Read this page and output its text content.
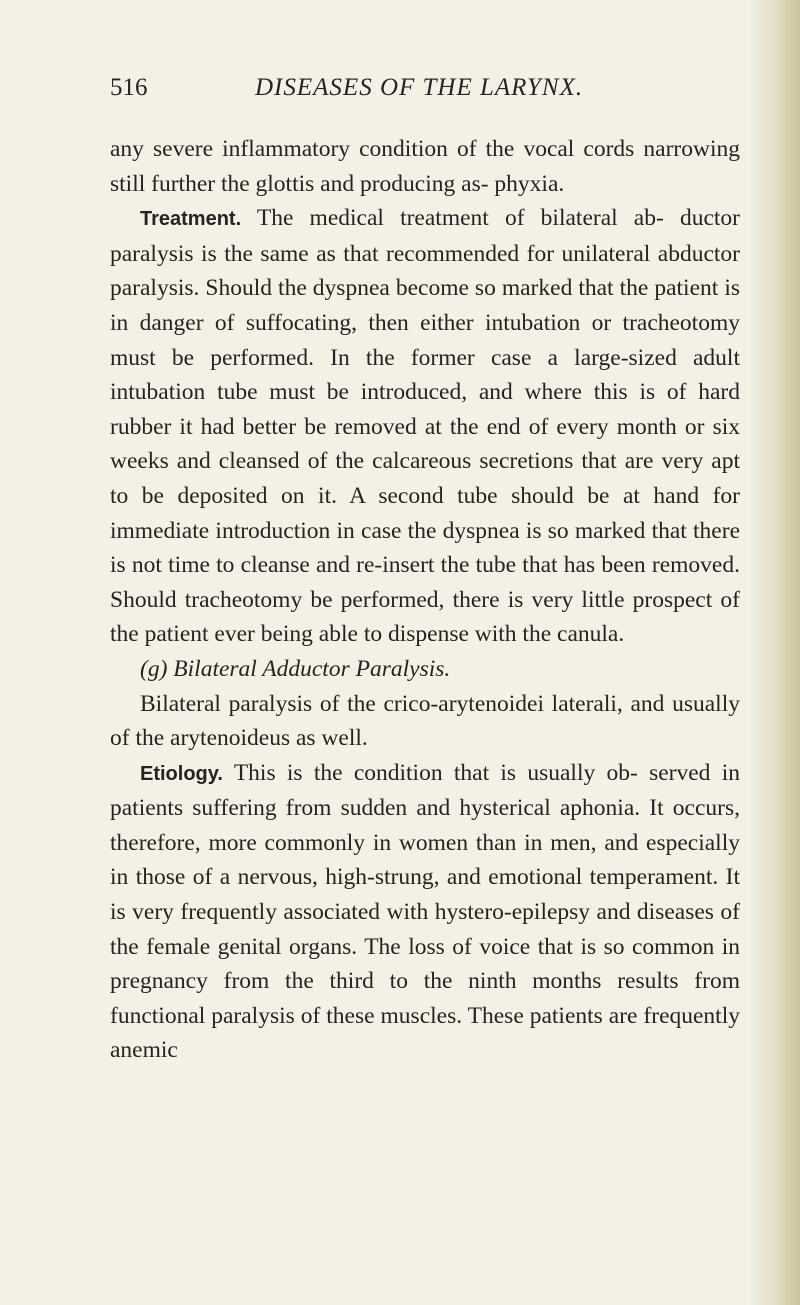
516	DISEASES OF THE LARYNX.

any severe inflammatory condition of the vocal cords narrowing still further the glottis and producing as- phyxia.

Treatment. The medical treatment of bilateral ab- ductor paralysis is the same as that recommended for unilateral abductor paralysis. Should the dyspnea become so marked that the patient is in danger of suffocating, then either intubation or tracheotomy must be performed. In the former case a large-sized adult intubation tube must be introduced, and where this is of hard rubber it had better be removed at the end of every month or six weeks and cleansed of the calcareous secretions that are very apt to be deposited on it. A second tube should be at hand for immediate introduction in case the dyspnea is so marked that there is not time to cleanse and re-insert the tube that has been removed. Should tracheotomy be performed, there is very little prospect of the patient ever being able to dispense with the canula.

(g) Bilateral Adductor Paralysis.

Bilateral paralysis of the crico-arytenoidei laterali, and usually of the arytenoideus as well.

Etiology. This is the condition that is usually ob- served in patients suffering from sudden and hysterical aphonia. It occurs, therefore, more commonly in women than in men, and especially in those of a nervous, high-strung, and emotional temperament. It is very frequently associated with hystero-epilepsy and diseases of the female genital organs. The loss of voice that is so common in pregnancy from the third to the ninth months results from functional paralysis of these muscles. These patients are frequently anemic
